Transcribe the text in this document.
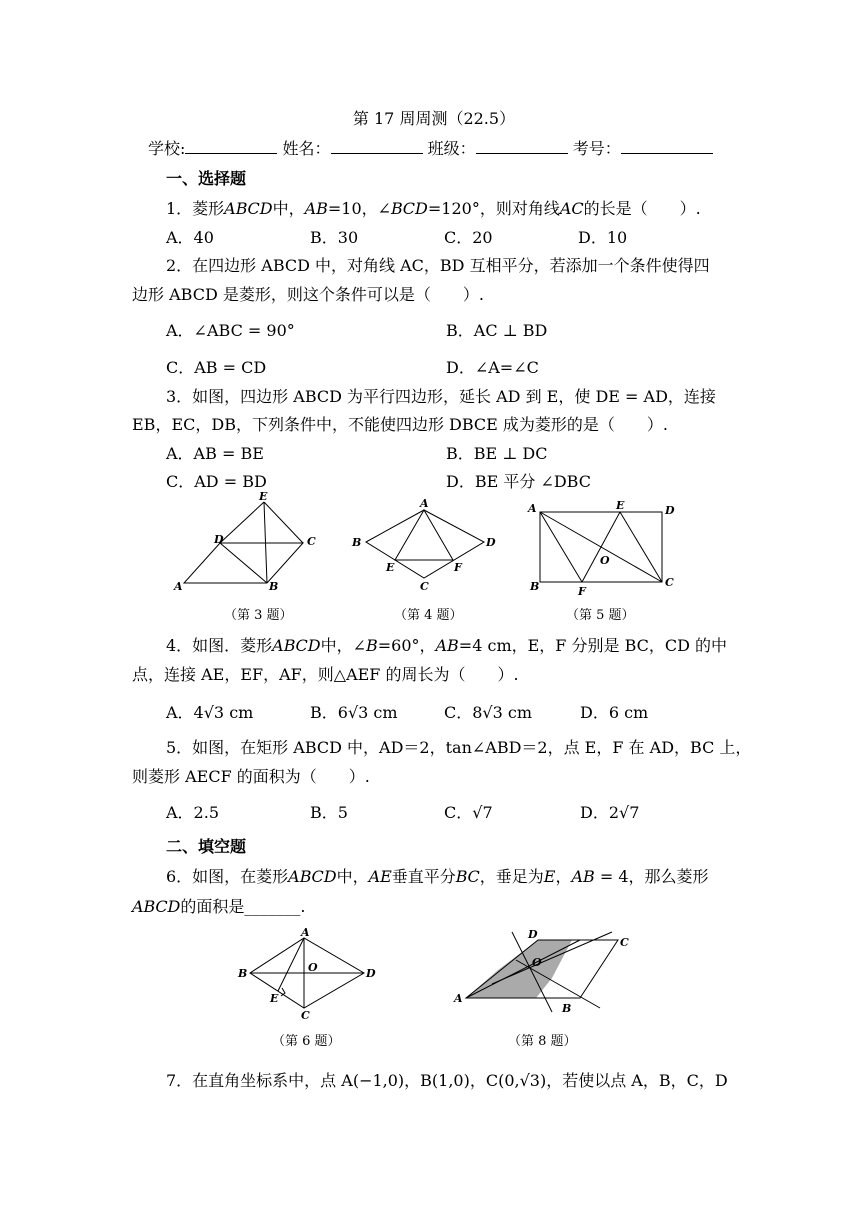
第 17 周周测（22.5）
学校:	姓名：	班级：	考号：
一、选择题
1．菱形𝐴𝐵𝐶𝐷中，𝐴𝐵=10，∠𝐵𝐶𝐷=120°，则对角线𝐴𝐶的长是（　　）.
A．40	B．30	C．20	D．10
2．在四边形 ABCD 中，对角线 AC，BD 互相平分，若添加一个条件使得四
边形 ABCD 是菱形，则这个条件可以是（　　）.
A．∠ABC = 90°	B．AC ⊥ BD
C．AB = CD	D．∠A=∠C
3．如图，四边形 ABCD 为平行四边形，延长 AD 到 E，使 DE = AD，连接
EB，EC，DB，下列条件中，不能使四边形 DBCE 成为菱形的是（　　）.
A．AB = BE	B．BE ⊥ DC
C．AD = BD	D．BE 平分 ∠DBC
A	B
C
D
E
（第 3 题）
B
A
D
C
E	F
（第 4 题）
A	E	D
B	F
C
O
（第 5 题）
4．如图．菱形𝐴𝐵𝐶𝐷中，∠𝐵=60°，𝐴𝐵=4 cm，E，F 分别是 BC，CD 的中
点，连接 AE，EF，AF，则△AEF 的周长为（　　）.
A．4√3 cm	B．6√3 cm	C．8√3 cm	D．6 cm
5．如图，在矩形 ABCD 中，AD＝2，tan∠ABD＝2，点 E，F 在 AD，BC 上，
则菱形 AECF 的面积为（　　）.
A．2.5	B．5	C．√7	D．2√7
二、填空题
6．如图，在菱形𝐴𝐵𝐶𝐷中，𝐴𝐸垂直平分𝐵𝐶，垂足为𝐸，𝐴𝐵 = 4，那么菱形
𝐴𝐵𝐶𝐷的面积是_______.
B
A
D
C
E
O
（第 6 题）
A
D
C
B
O
（第 8 题）
7．在直角坐标系中，点 A(−1,0)，B(1,0)，C(0,√3)，若使以点 A，B，C，D
